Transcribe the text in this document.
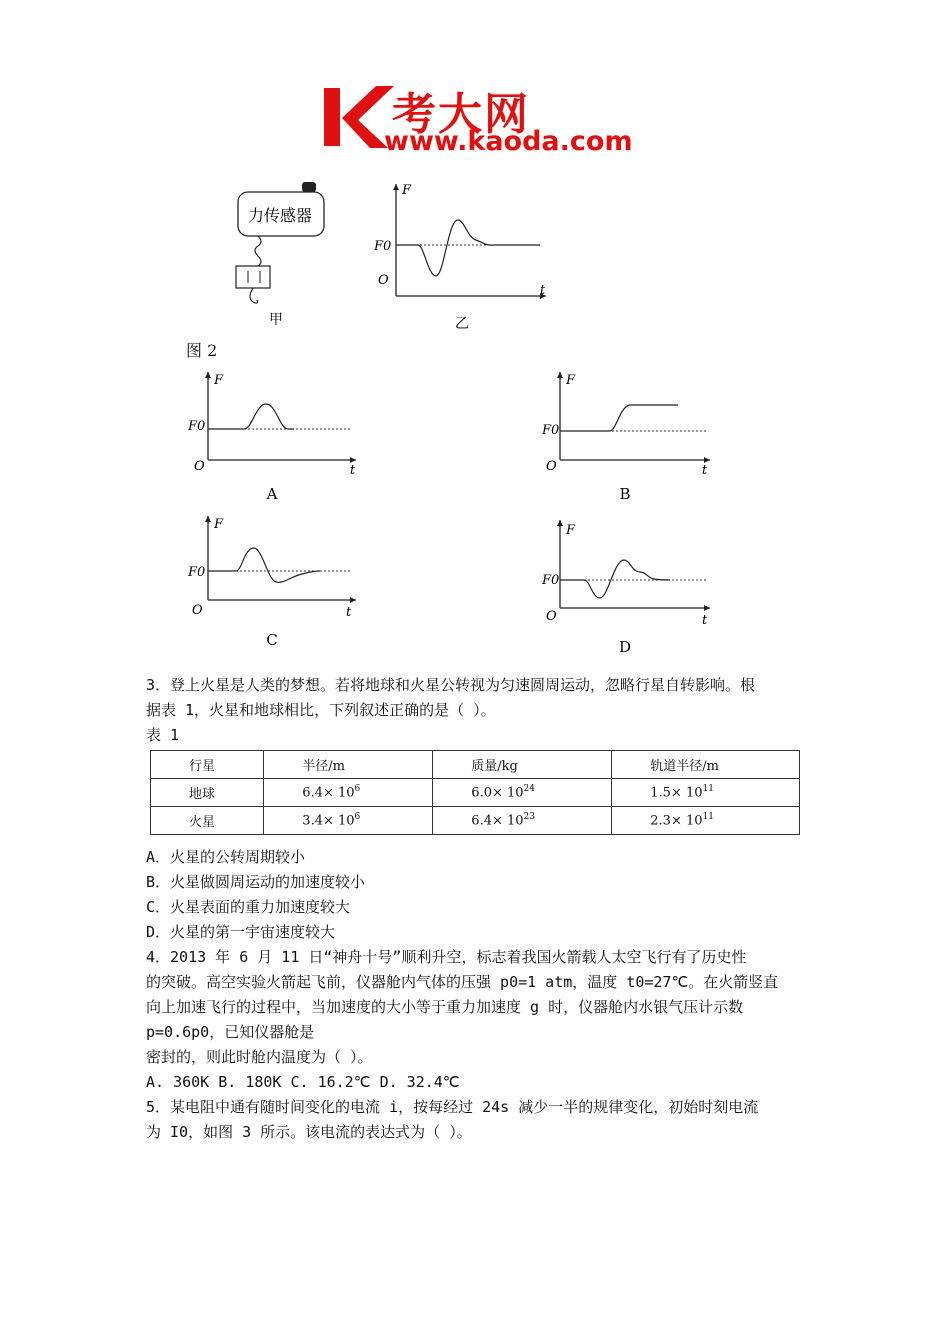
考大网
www.kaoda.com
力传感器
甲
F
F0
O
t
乙
图 2
F
F0
O	t
A
F
F0
O	t
B
F
F0
O	t
C
F
F0
O	t
D
3．登上火星是人类的梦想。若将地球和火星公转视为匀速圆周运动，忽略行星自转影响。根
据表 1，火星和地球相比，下列叙述正确的是（ ）。
表 1
行星	半径/m	质量/kg	轨道半径/m
地球	$6.4\times 10^6$	$6.0\times 10^{24}$	$1.5\times 10^{11}$
火星	$3.4\times 10^6$	$6.4\times 10^{23}$	$2.3\times 10^{11}$
A．火星的公转周期较小
B．火星做圆周运动的加速度较小
C．火星表面的重力加速度较大
D．火星的第一宇宙速度较大
4．2013 年 6 月 11 日“神舟十号”顺利升空，标志着我国火箭载人太空飞行有了历史性
的突破。高空实验火箭起飞前，仪器舱内气体的压强 p0=1 atm，温度 t0=27℃。在火箭竖直
向上加速飞行的过程中，当加速度的大小等于重力加速度 g 时，仪器舱内水银气压计示数
p=0.6p0，已知仪器舱是
密封的，则此时舱内温度为（ ）。
A. 360K B. 180K C. 16.2℃ D. 32.4℃
5．某电阻中通有随时间变化的电流 i，按每经过 24s 减少一半的规律变化，初始时刻电流
为 I0，如图 3 所示。该电流的表达式为（ ）。
